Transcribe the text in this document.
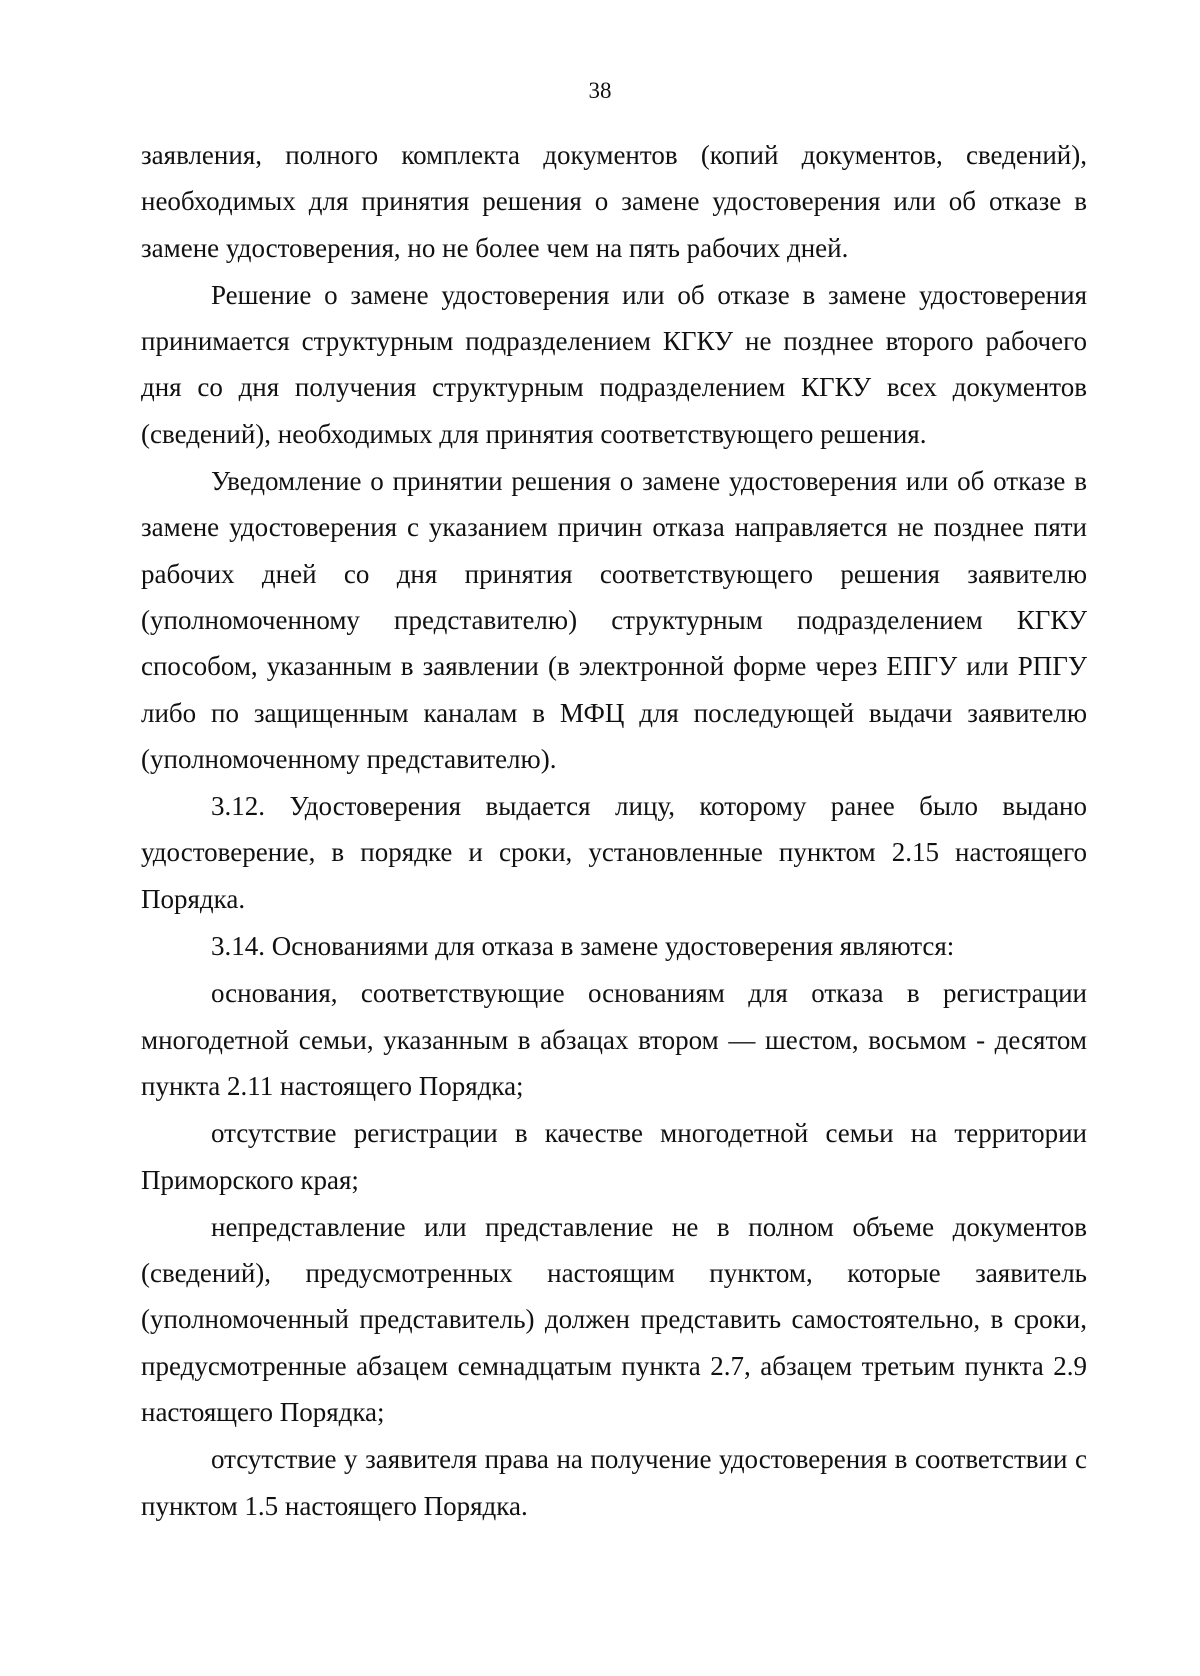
38

заявления, полного комплекта документов (копий документов, сведений), необходимых для принятия решения о замене удостоверения или об отказе в замене удостоверения, но не более чем на пять рабочих дней.

Решение о замене удостоверения или об отказе в замене удостоверения принимается структурным подразделением КГКУ не позднее второго рабочего дня со дня получения структурным подразделением КГКУ всех документов (сведений), необходимых для принятия соответствующего решения.

Уведомление о принятии решения о замене удостоверения или об отказе в замене удостоверения с указанием причин отказа направляется не позднее пяти рабочих дней со дня принятия соответствующего решения заявителю (уполномоченному представителю) структурным подразделением КГКУ способом, указанным в заявлении (в электронной форме через ЕПГУ или РПГУ либо по защищенным каналам в МФЦ для последующей выдачи заявителю (уполномоченному представителю).

3.12. Удостоверения выдается лицу, которому ранее было выдано удостоверение, в порядке и сроки, установленные пунктом 2.15 настоящего Порядка.

3.14. Основаниями для отказа в замене удостоверения являются:

основания, соответствующие основаниям для отказа в регистрации многодетной семьи, указанным в абзацах втором — шестом, восьмом - десятом пункта 2.11 настоящего Порядка;

отсутствие регистрации в качестве многодетной семьи на территории Приморского края;

непредставление или представление не в полном объеме документов (сведений), предусмотренных настоящим пунктом, которые заявитель (уполномоченный представитель) должен представить самостоятельно, в сроки, предусмотренные абзацем семнадцатым пункта 2.7, абзацем третьим пункта 2.9 настоящего Порядка;

отсутствие у заявителя права на получение удостоверения в соответствии с пунктом 1.5 настоящего Порядка.
